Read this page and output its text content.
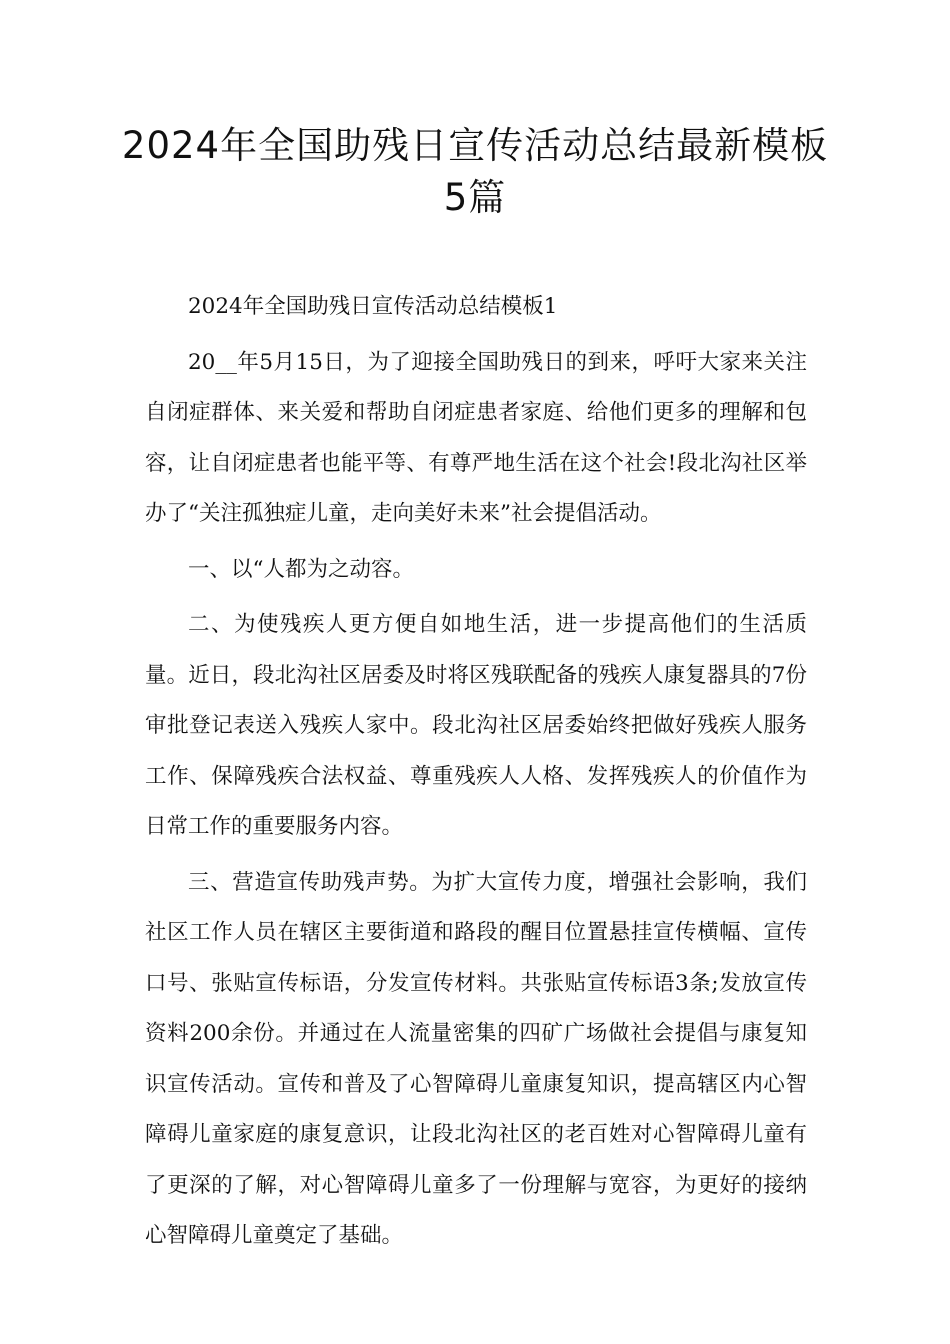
2024年全国助残日宣传活动总结最新模板5篇

2024年全国助残日宣传活动总结模板1

20__年5月15日，为了迎接全国助残日的到来，呼吁大家来关注自闭症群体、来关爱和帮助自闭症患者家庭、给他们更多的理解和包容，让自闭症患者也能平等、有尊严地生活在这个社会!段北沟社区举办了“关注孤独症儿童，走向美好未来”社会提倡活动。

一、以“人都为之动容。

二、为使残疾人更方便自如地生活，进一步提高他们的生活质量。近日，段北沟社区居委及时将区残联配备的残疾人康复器具的7份审批登记表送入残疾人家中。段北沟社区居委始终把做好残疾人服务工作、保障残疾合法权益、尊重残疾人人格、发挥残疾人的价值作为日常工作的重要服务内容。

三、营造宣传助残声势。为扩大宣传力度，增强社会影响，我们社区工作人员在辖区主要街道和路段的醒目位置悬挂宣传横幅、宣传口号、张贴宣传标语，分发宣传材料。共张贴宣传标语3条;发放宣传资料200余份。并通过在人流量密集的四矿广场做社会提倡与康复知识宣传活动。宣传和普及了心智障碍儿童康复知识，提高辖区内心智障碍儿童家庭的康复意识，让段北沟社区的老百姓对心智障碍儿童有了更深的了解，对心智障碍儿童多了一份理解与宽容，为更好的接纳心智障碍儿童奠定了基础。
